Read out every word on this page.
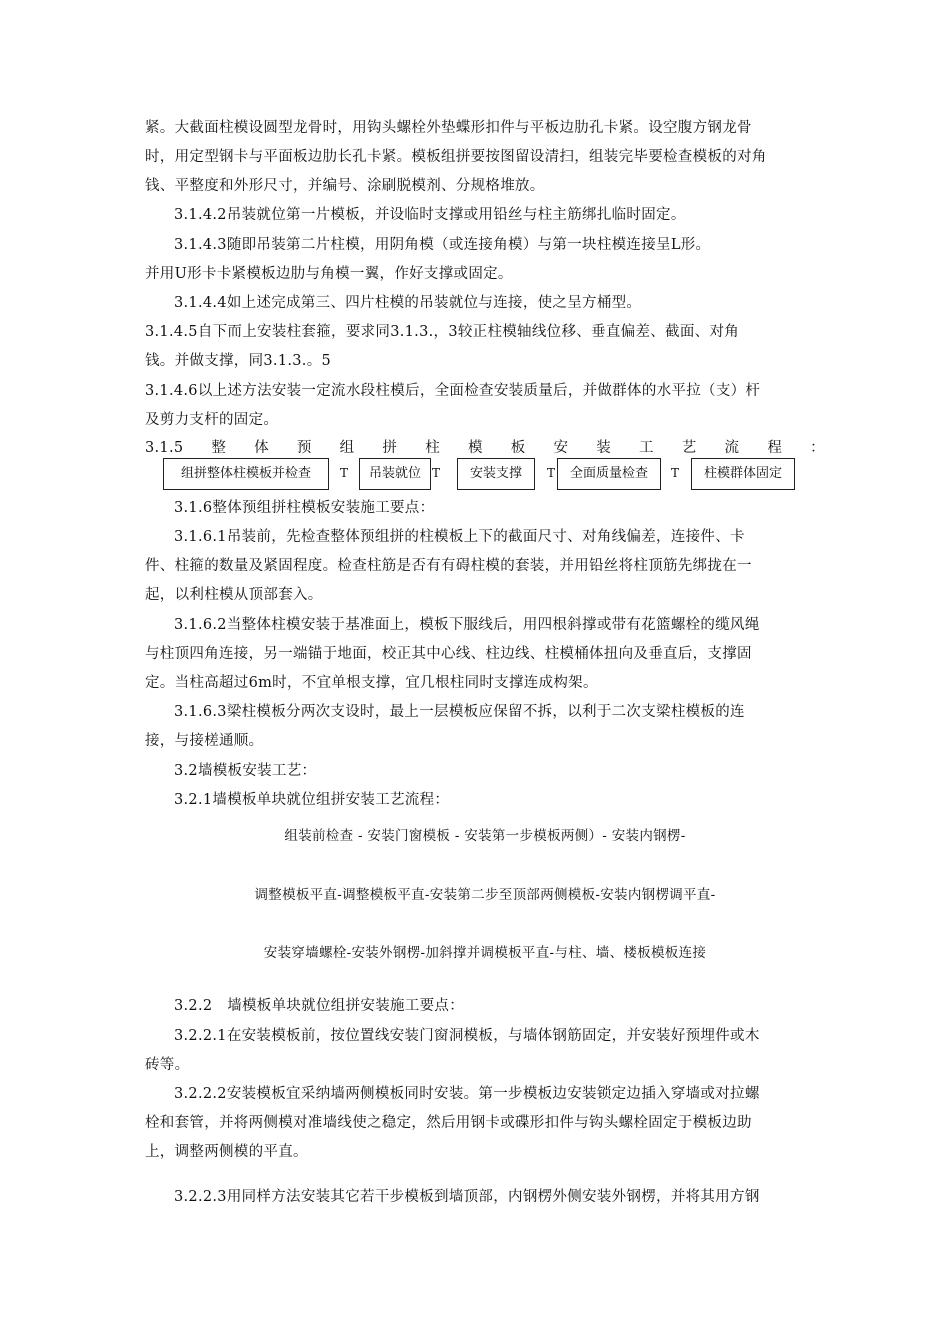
紧。大截面柱模设圆型龙骨时，用钩头螺栓外垫蝶形扣件与平板边肋孔卡紧。设空腹方钢龙骨
时，用定型钢卡与平面板边肋长孔卡紧。模板组拼要按图留设清扫，组装完毕要检查模板的对角
钱、平整度和外形尺寸，并编号、涂刷脱模剂、分规格堆放。
3.1.4.2吊装就位第一片模板，并设临时支撑或用铅丝与柱主筋绑扎临时固定。
3.1.4.3随即吊装第二片柱模，用阴角模（或连接角模）与第一块柱模连接呈L形。
并用U形卡卡紧模板边肋与角模一翼，作好支撑或固定。
3.1.4.4如上述完成第三、四片柱模的吊装就位与连接，使之呈方桶型。
3.1.4.5自下而上安装柱套箍，要求同3.1.3.，3较正柱模轴线位移、垂直偏差、截面、对角
钱。并做支撑，同3.1.3.。5
3.1.4.6以上述方法安装一定流水段柱模后，全面检查安装质量后，并做群体的水平拉（支）杆
及剪力支杆的固定。
3.1.5 整 体 预 组 拼 柱 模 板 安 装 工 艺 流 程 ：
组拼整体柱模板并检查	T	吊装就位 T	安装支撑	T	全面质量检查	T	柱模群体固定
3.1.6整体预组拼柱模板安装施工要点：
3.1.6.1吊装前，先检查整体预组拼的柱模板上下的截面尺寸、对角线偏差，连接件、卡
件、柱箍的数量及紧固程度。检查柱筋是否有有碍柱模的套装，并用铅丝将柱顶筋先绑拢在一
起，以利柱模从顶部套入。
3.1.6.2当整体柱模安装于基准面上，模板下服线后，用四根斜撑或带有花篮螺栓的缆风绳
与柱顶四角连接，另一端锚于地面，校正其中心线、柱边线、柱模桶体扭向及垂直后，支撑固
定。当柱高超过6m时，不宜单根支撑，宜几根柱同时支撑连成构架。
3.1.6.3梁柱模板分两次支设时，最上一层模板应保留不拆，以利于二次支梁柱模板的连
接，与接槎通顺。
3.2墙模板安装工艺：
3.2.1墙模板单块就位组拼安装工艺流程：
组装前检查 - 安装门窗模板 - 安装第一步模板两侧）- 安装内钢楞-
调整模板平直-调整模板平直-安装第二步至顶部两侧模板-安装内钢楞调平直-
安装穿墙螺栓-安装外钢楞-加斜撑并调模板平直-与柱、墙、楼板模板连接
3.2.2　墙模板单块就位组拼安装施工要点：
3.2.2.1在安装模板前，按位置线安装门窗洞模板，与墙体钢筋固定，并安装好预埋件或木
砖等。
3.2.2.2安装模板宜采纳墙两侧模板同时安装。第一步模板边安装锁定边插入穿墙或对拉螺
栓和套管，并将两侧模对准墙线使之稳定，然后用钢卡或碟形扣件与钩头螺栓固定于模板边助
上，调整两侧模的平直。
3.2.2.3用同样方法安装其它若干步模板到墙顶部，内钢楞外侧安装外钢楞，并将其用方钢
